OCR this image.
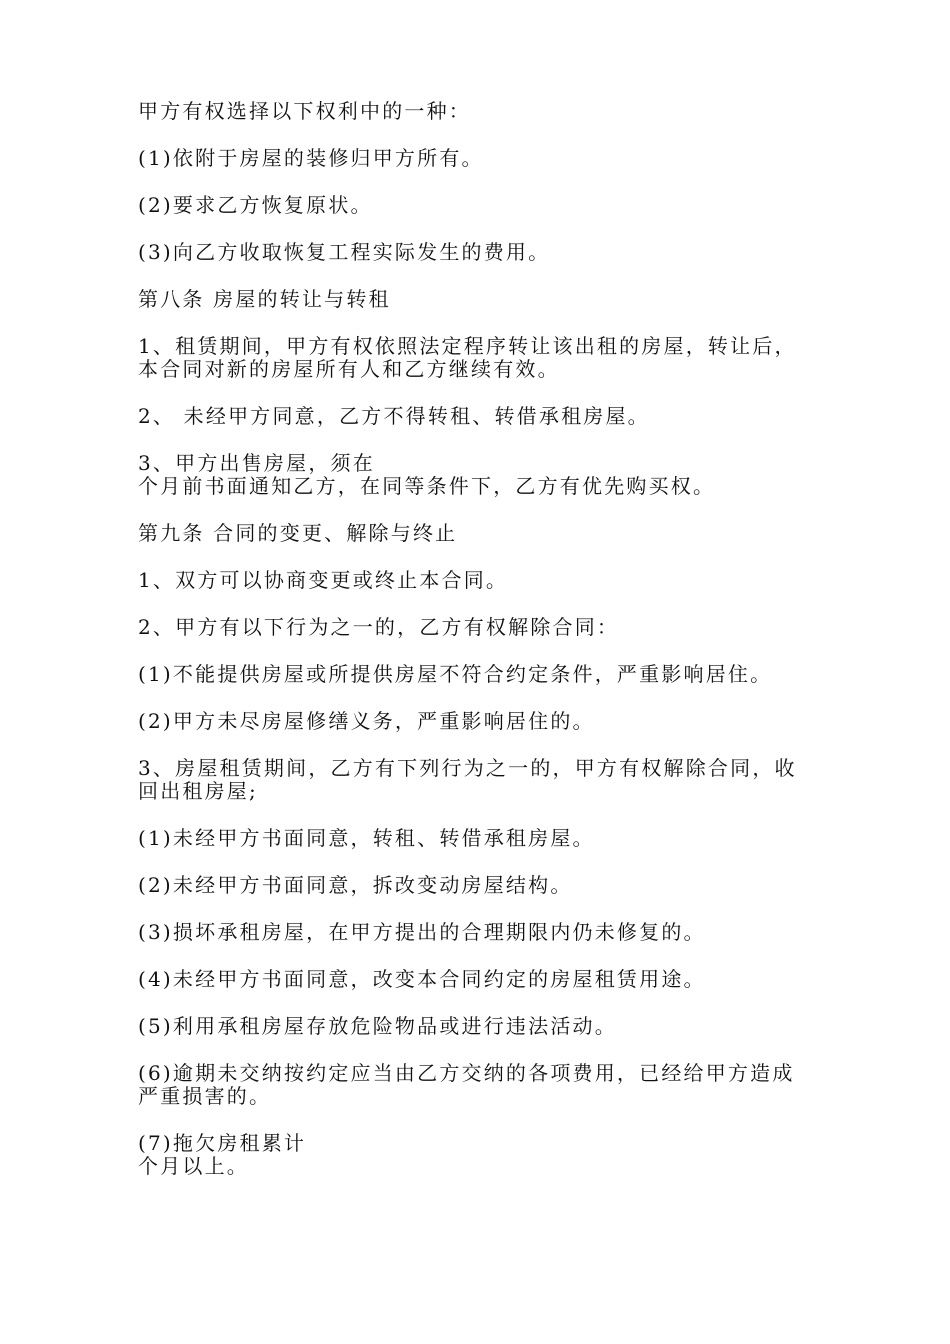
甲方有权选择以下权利中的一种：

(1)依附于房屋的装修归甲方所有。

(2)要求乙方恢复原状。

(3)向乙方收取恢复工程实际发生的费用。

第八条 房屋的转让与转租

1、租赁期间，甲方有权依照法定程序转让该出租的房屋，转让后，
本合同对新的房屋所有人和乙方继续有效。

2、 未经甲方同意，乙方不得转租、转借承租房屋。

3、甲方出售房屋，须在
个月前书面通知乙方，在同等条件下，乙方有优先购买权。

第九条 合同的变更、解除与终止

1、双方可以协商变更或终止本合同。

2、甲方有以下行为之一的，乙方有权解除合同：

(1)不能提供房屋或所提供房屋不符合约定条件，严重影响居住。

(2)甲方未尽房屋修缮义务，严重影响居住的。

3、房屋租赁期间，乙方有下列行为之一的，甲方有权解除合同，收
回出租房屋;

(1)未经甲方书面同意，转租、转借承租房屋。

(2)未经甲方书面同意，拆改变动房屋结构。

(3)损坏承租房屋，在甲方提出的合理期限内仍未修复的。

(4)未经甲方书面同意，改变本合同约定的房屋租赁用途。

(5)利用承租房屋存放危险物品或进行违法活动。

(6)逾期未交纳按约定应当由乙方交纳的各项费用，已经给甲方造成
严重损害的。

(7)拖欠房租累计
个月以上。
